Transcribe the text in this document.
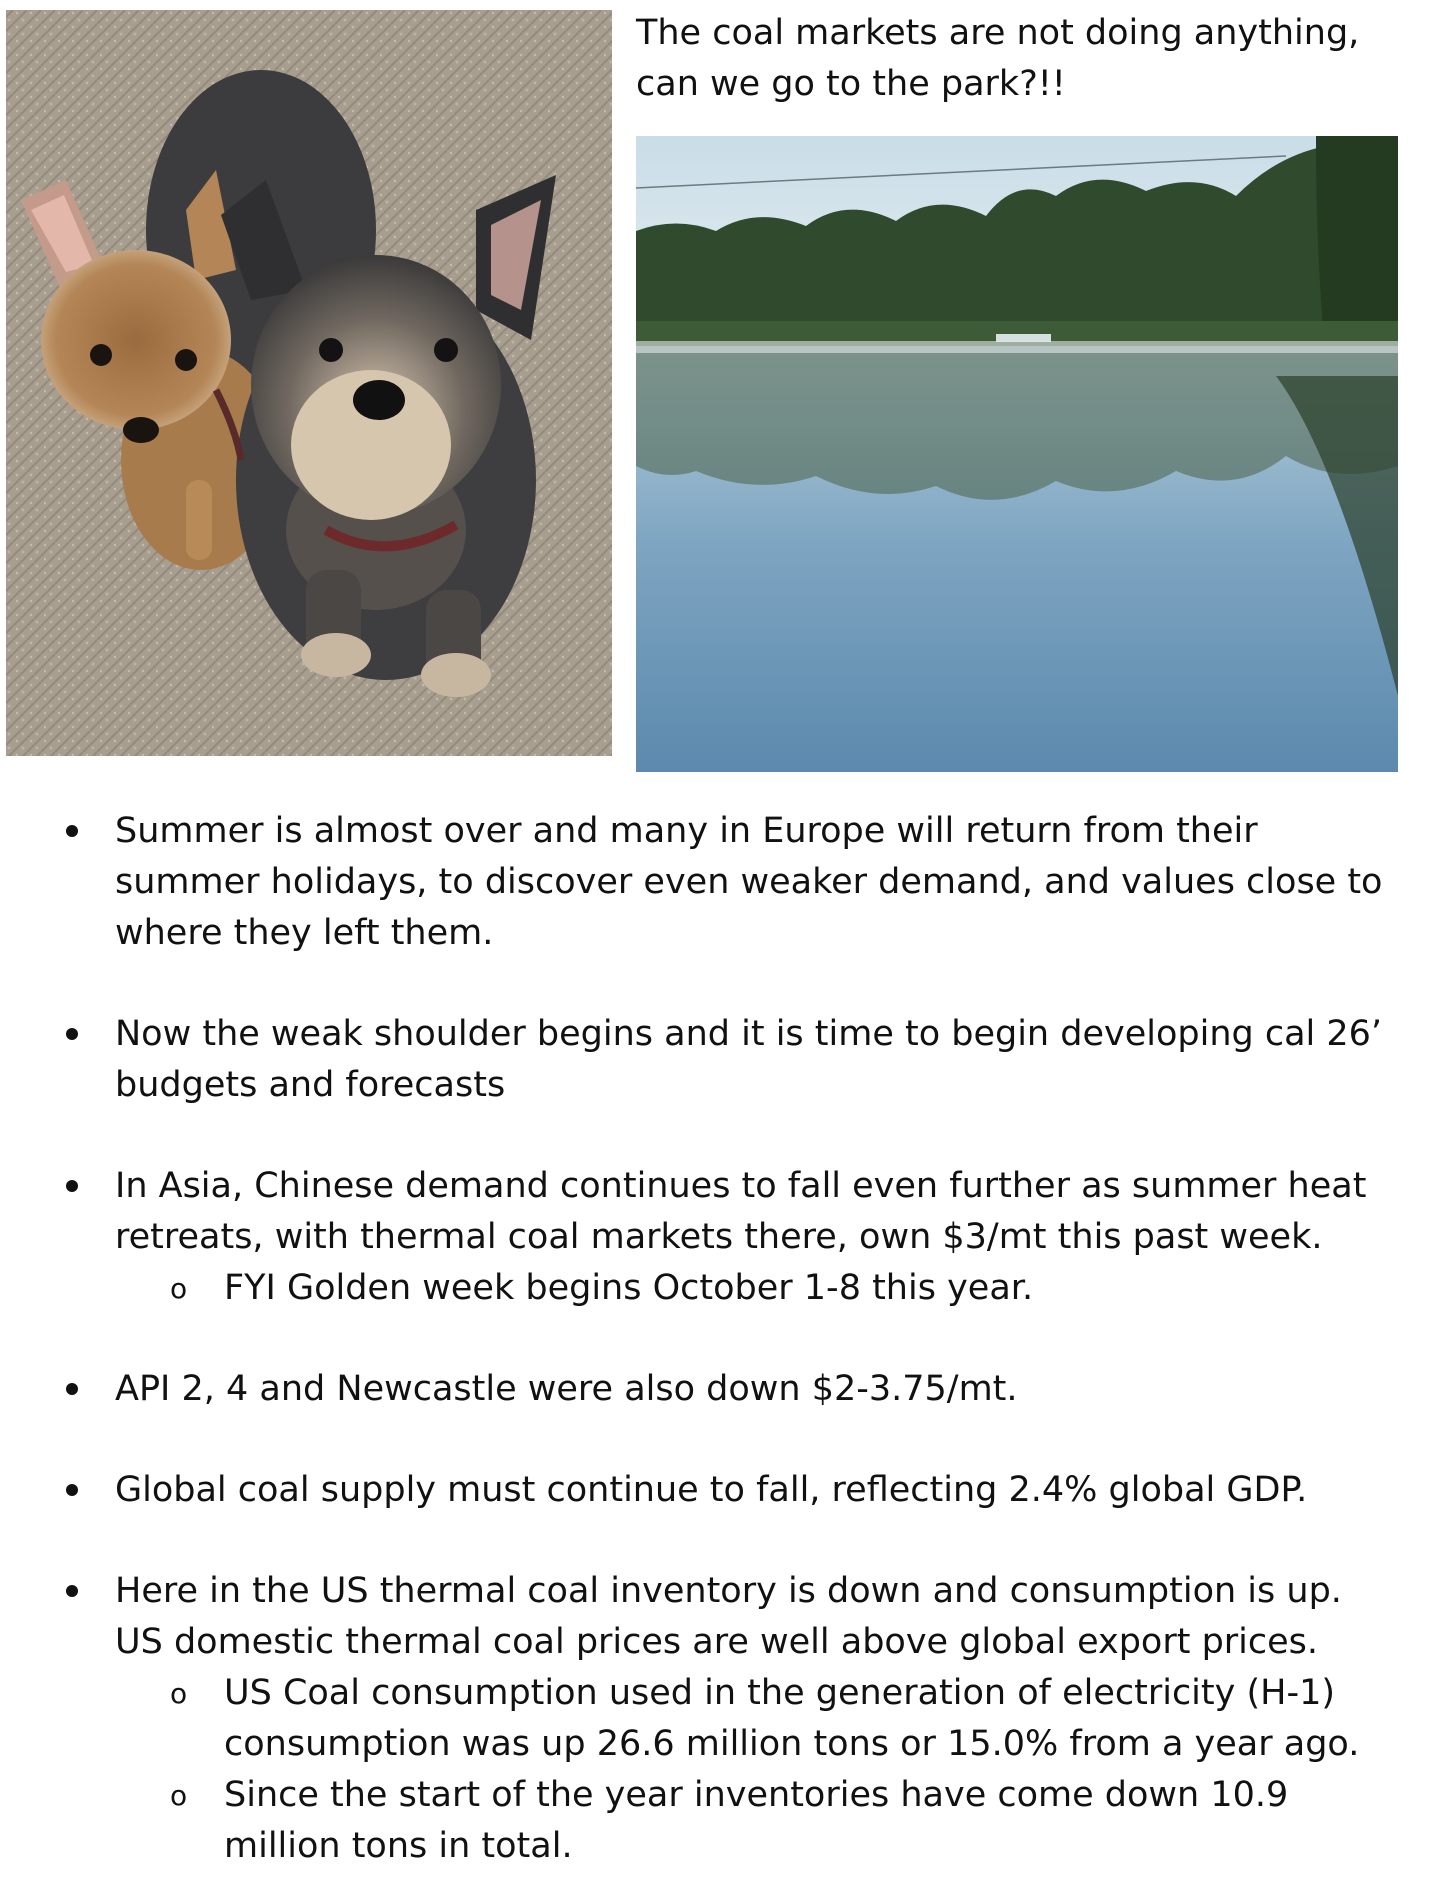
The coal markets are not doing anything, can we go to the park?!!

Summer is almost over and many in Europe will return from their summer holidays, to discover even weaker demand, and values close to where they left them.
Now the weak shoulder begins and it is time to begin developing cal 26’ budgets and forecasts
In Asia, Chinese demand continues to fall even further as summer heat retreats, with thermal coal markets there, own $3/mt this past week.
o FYI Golden week begins October 1-8 this year.
API 2, 4 and Newcastle were also down $2-3.75/mt.
Global coal supply must continue to fall, reflecting 2.4% global GDP.
Here in the US thermal coal inventory is down and consumption is up. US domestic thermal coal prices are well above global export prices.
o US Coal consumption used in the generation of electricity (H-1) consumption was up 26.6 million tons or 15.0% from a year ago.
o Since the start of the year inventories have come down 10.9 million tons in total.
